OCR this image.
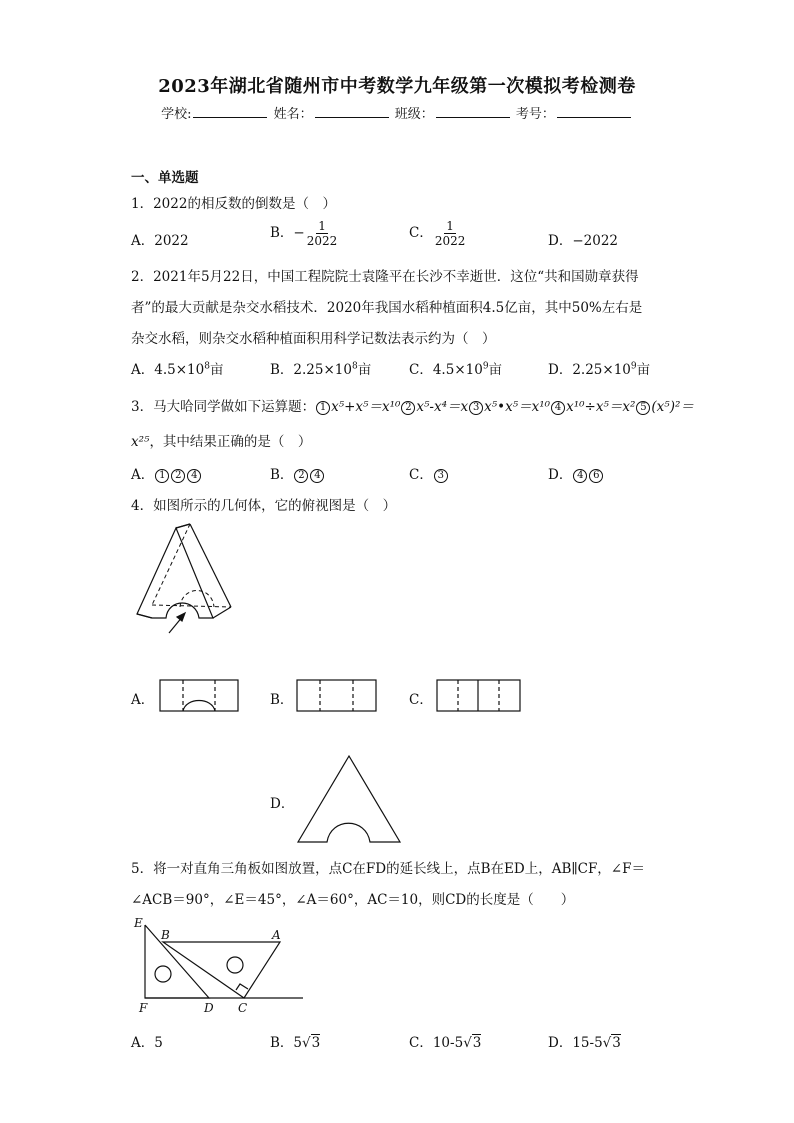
2023年湖北省随州市中考数学九年级第一次模拟考检测卷
学校:	姓名：	班级：	考号：
一、单选题
1．2022的相反数的倒数是（　）
A．2022	B．− $\frac{1}{2022}$	C． $\frac{1}{2022}$	D．−2022
2．2021年5月22日，中国工程院院士袁隆平在长沙不幸逝世．这位“共和国勋章获得
者”的最大贡献是杂交水稻技术．2020年我国水稻种植面积4.5亿亩，其中50%左右是
杂交水稻，则杂交水稻种植面积用科学记数法表示约为（　）
A．$4.5\times 10^8$亩	B．$2.25\times 10^8$亩	C．$4.5\times 10^9$亩	D．$2.25\times 10^9$亩
3．马大哈同学做如下运算题： 1 x⁵+x⁵＝x¹⁰ 2 x⁵-x⁴＝x 3 x⁵•x⁵＝x¹⁰ 4 x¹⁰÷x⁵＝x² 5 (x⁵)²＝
x²⁵，其中结果正确的是（　）
A． 1 2 4	B． 2 4	C． 3	D． 4 6
4．如图所示的几何体，它的俯视图是（　）
A．	B．	C．
D．
5．将一对直角三角板如图放置，点C在FD的延长线上，点B在ED上，AB∥CF，∠F＝
∠ACB＝90°，∠E＝45°，∠A＝60°，AC＝10，则CD的长度是（　　）
E
B	A
F	D C
A．5	B．5√3	C．10-5√3	D．15-5√3
